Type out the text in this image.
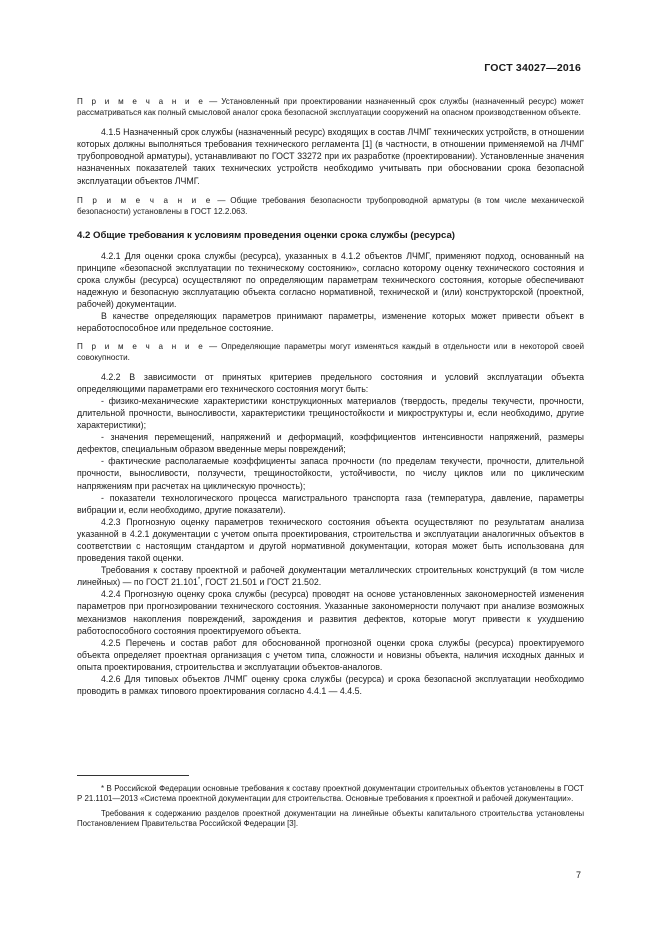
ГОСТ 34027—2016

П р и м е ч а н и е — Установленный при проектировании назначенный срок службы (назначенный ресурс) может рассматриваться как полный смысловой аналог срока безопасной эксплуатации сооружений на опасном производственном объекте.

4.1.5 Назначенный срок службы (назначенный ресурс) входящих в состав ЛЧМГ технических устройств, в отношении которых должны выполняться требования технического регламента [1] (в частности, в отношении применяемой на ЛЧМГ трубопроводной арматуры), устанавливают по ГОСТ 33272 при их разработке (проектировании). Установленные значения назначенных показателей таких технических устройств необходимо учитывать при обосновании срока безопасной эксплуатации объектов ЛЧМГ.

П р и м е ч а н и е — Общие требования безопасности трубопроводной арматуры (в том числе механической безопасности) установлены в ГОСТ 12.2.063.

4.2 Общие требования к условиям проведения оценки срока службы (ресурса)

4.2.1 Для оценки срока службы (ресурса), указанных в 4.1.2 объектов ЛЧМГ, применяют подход, основанный на принципе «безопасной эксплуатации по техническому состоянию», согласно которому оценку технического состояния и срока службы (ресурса) осуществляют по определяющим параметрам технического состояния, которые обеспечивают надежную и безопасную эксплуатацию объекта согласно нормативной, технической и (или) конструкторской (проектной, рабочей) документации.

В качестве определяющих параметров принимают параметры, изменение которых может привести объект в неработоспособное или предельное состояние.

П р и м е ч а н и е — Определяющие параметры могут изменяться каждый в отдельности или в некоторой своей совокупности.

4.2.2 В зависимости от принятых критериев предельного состояния и условий эксплуатации объекта определяющими параметрами его технического состояния могут быть:

- физико-механические характеристики конструкционных материалов (твердость, пределы текучести, прочности, длительной прочности, выносливости, характеристики трещиностойкости и микроструктуры и, если необходимо, другие характеристики);

- значения перемещений, напряжений и деформаций, коэффициентов интенсивности напряжений, размеры дефектов, специальным образом введенные меры повреждений;

- фактические располагаемые коэффициенты запаса прочности (по пределам текучести, прочности, длительной прочности, выносливости, ползучести, трещиностойкости, устойчивости, по числу циклов или по циклическим напряжениям при расчетах на циклическую прочность);

- показатели технологического процесса магистрального транспорта газа (температура, давление, параметры вибрации и, если необходимо, другие показатели).

4.2.3 Прогнозную оценку параметров технического состояния объекта осуществляют по результатам анализа указанной в 4.2.1 документации с учетом опыта проектирования, строительства и эксплуатации аналогичных объектов в соответствии с настоящим стандартом и другой нормативной документации, которая может быть использована для проведения такой оценки.

Требования к составу проектной и рабочей документации металлических строительных конструкций (в том числе линейных) — по ГОСТ 21.101*, ГОСТ 21.501 и ГОСТ 21.502.

4.2.4 Прогнозную оценку срока службы (ресурса) проводят на основе установленных закономерностей изменения параметров при прогнозировании технического состояния. Указанные закономерности получают при анализе возможных механизмов накопления повреждений, зарождения и развития дефектов, которые могут привести к ухудшению работоспособного состояния проектируемого объекта.

4.2.5 Перечень и состав работ для обоснованной прогнозной оценки срока службы (ресурса) проектируемого объекта определяет проектная организация с учетом типа, сложности и новизны объекта, наличия исходных данных и опыта проектирования, строительства и эксплуатации объектов-аналогов.

4.2.6 Для типовых объектов ЛЧМГ оценку срока службы (ресурса) и срока безопасной эксплуатации необходимо проводить в рамках типового проектирования согласно 4.4.1 — 4.4.5.

* В Российской Федерации основные требования к составу проектной документации строительных объектов установлены в ГОСТ Р 21.1101—2013 «Система проектной документации для строительства. Основные требования к проектной и рабочей документации».

Требования к содержанию разделов проектной документации на линейные объекты капитального строительства установлены Постановлением Правительства Российской Федерации [3].

7
